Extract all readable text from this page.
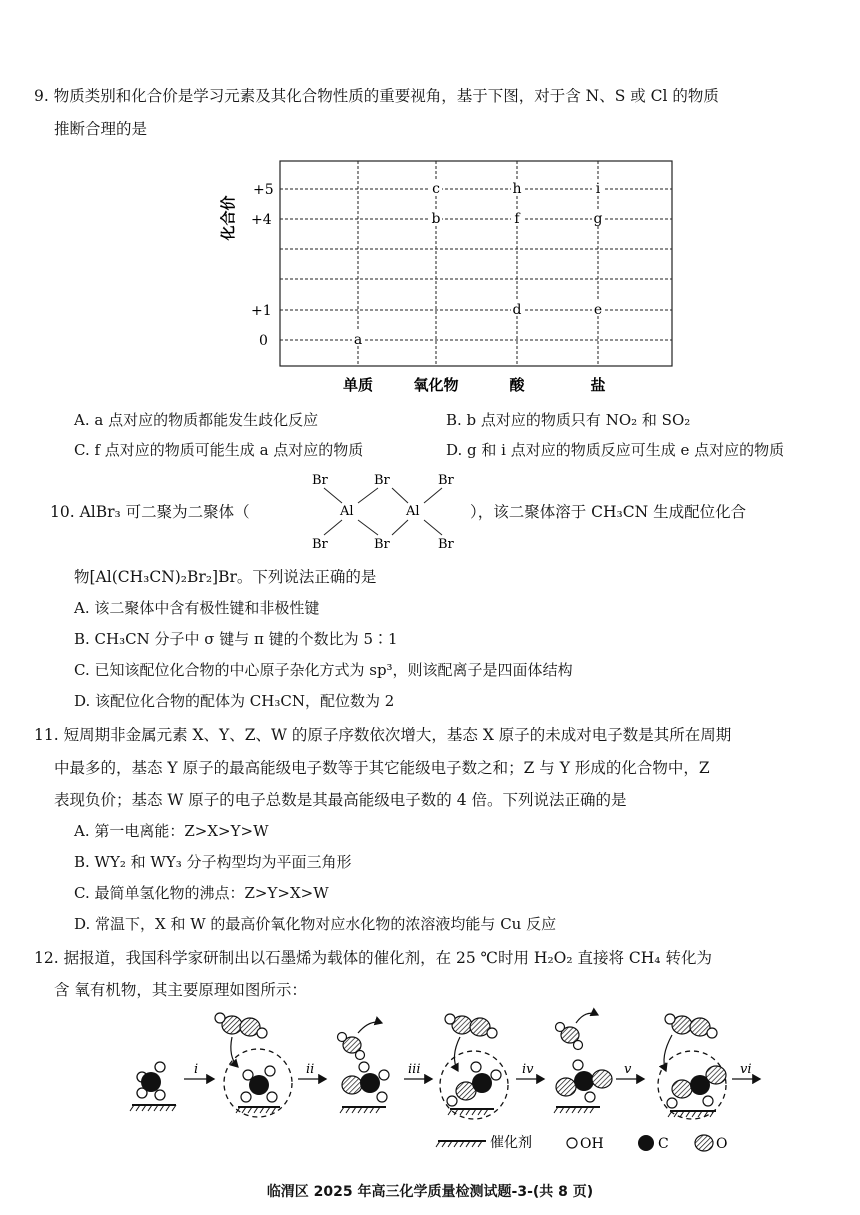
9. 物质类别和化合价是学习元素及其化合物性质的重要视角，基于下图，对于含 N、S 或 Cl 的物质
推断合理的是
化合价
+5
+4
+1
0	a
b
c
d
f
h
e
g
i
单质	氧化物	酸	盐
A. a 点对应的物质都能发生歧化反应	B. b 点对应的物质只有 NO₂ 和 SO₂
C. f 点对应的物质可能生成 a 点对应的物质	D. g 和 i 点对应的物质反应可生成 e 点对应的物质
10. AlBr₃ 可二聚为二聚体（
Br	Br	Br
Al	Al
Br	Br	Br
），该二聚体溶于 CH₃CN 生成配位化合
物[Al(CH₃CN)₂Br₂]Br。下列说法正确的是
A. 该二聚体中含有极性键和非极性键
B. CH₃CN 分子中 σ 键与 π 键的个数比为 5∶1
C. 已知该配位化合物的中心原子杂化方式为 sp³，则该配离子是四面体结构
D. 该配位化合物的配体为 CH₃CN，配位数为 2
11. 短周期非金属元素 X、Y、Z、W 的原子序数依次增大，基态 X 原子的未成对电子数是其所在周期
中最多的，基态 Y 原子的最高能级电子数等于其它能级电子数之和；Z 与 Y 形成的化合物中，Z
表现负价；基态 W 原子的电子总数是其最高能级电子数的 4 倍。下列说法正确的是
A. 第一电离能：Z>X>Y>W
B. WY₂ 和 WY₃ 分子构型均为平面三角形
C. 最简单氢化物的沸点：Z>Y>X>W
D. 常温下，X 和 W 的最高价氧化物对应水化物的浓溶液均能与 Cu 反应
12. 据报道，我国科学家研制出以石墨烯为载体的催化剂，在 25 ℃时用 H₂O₂ 直接将 CH₄ 转化为
含 氧有机物，其主要原理如图所示：
i	ii	iii	iv	v	vi
催化剂	OH	C	O
临渭区 2025 年高三化学质量检测试题-3-(共 8 页)
